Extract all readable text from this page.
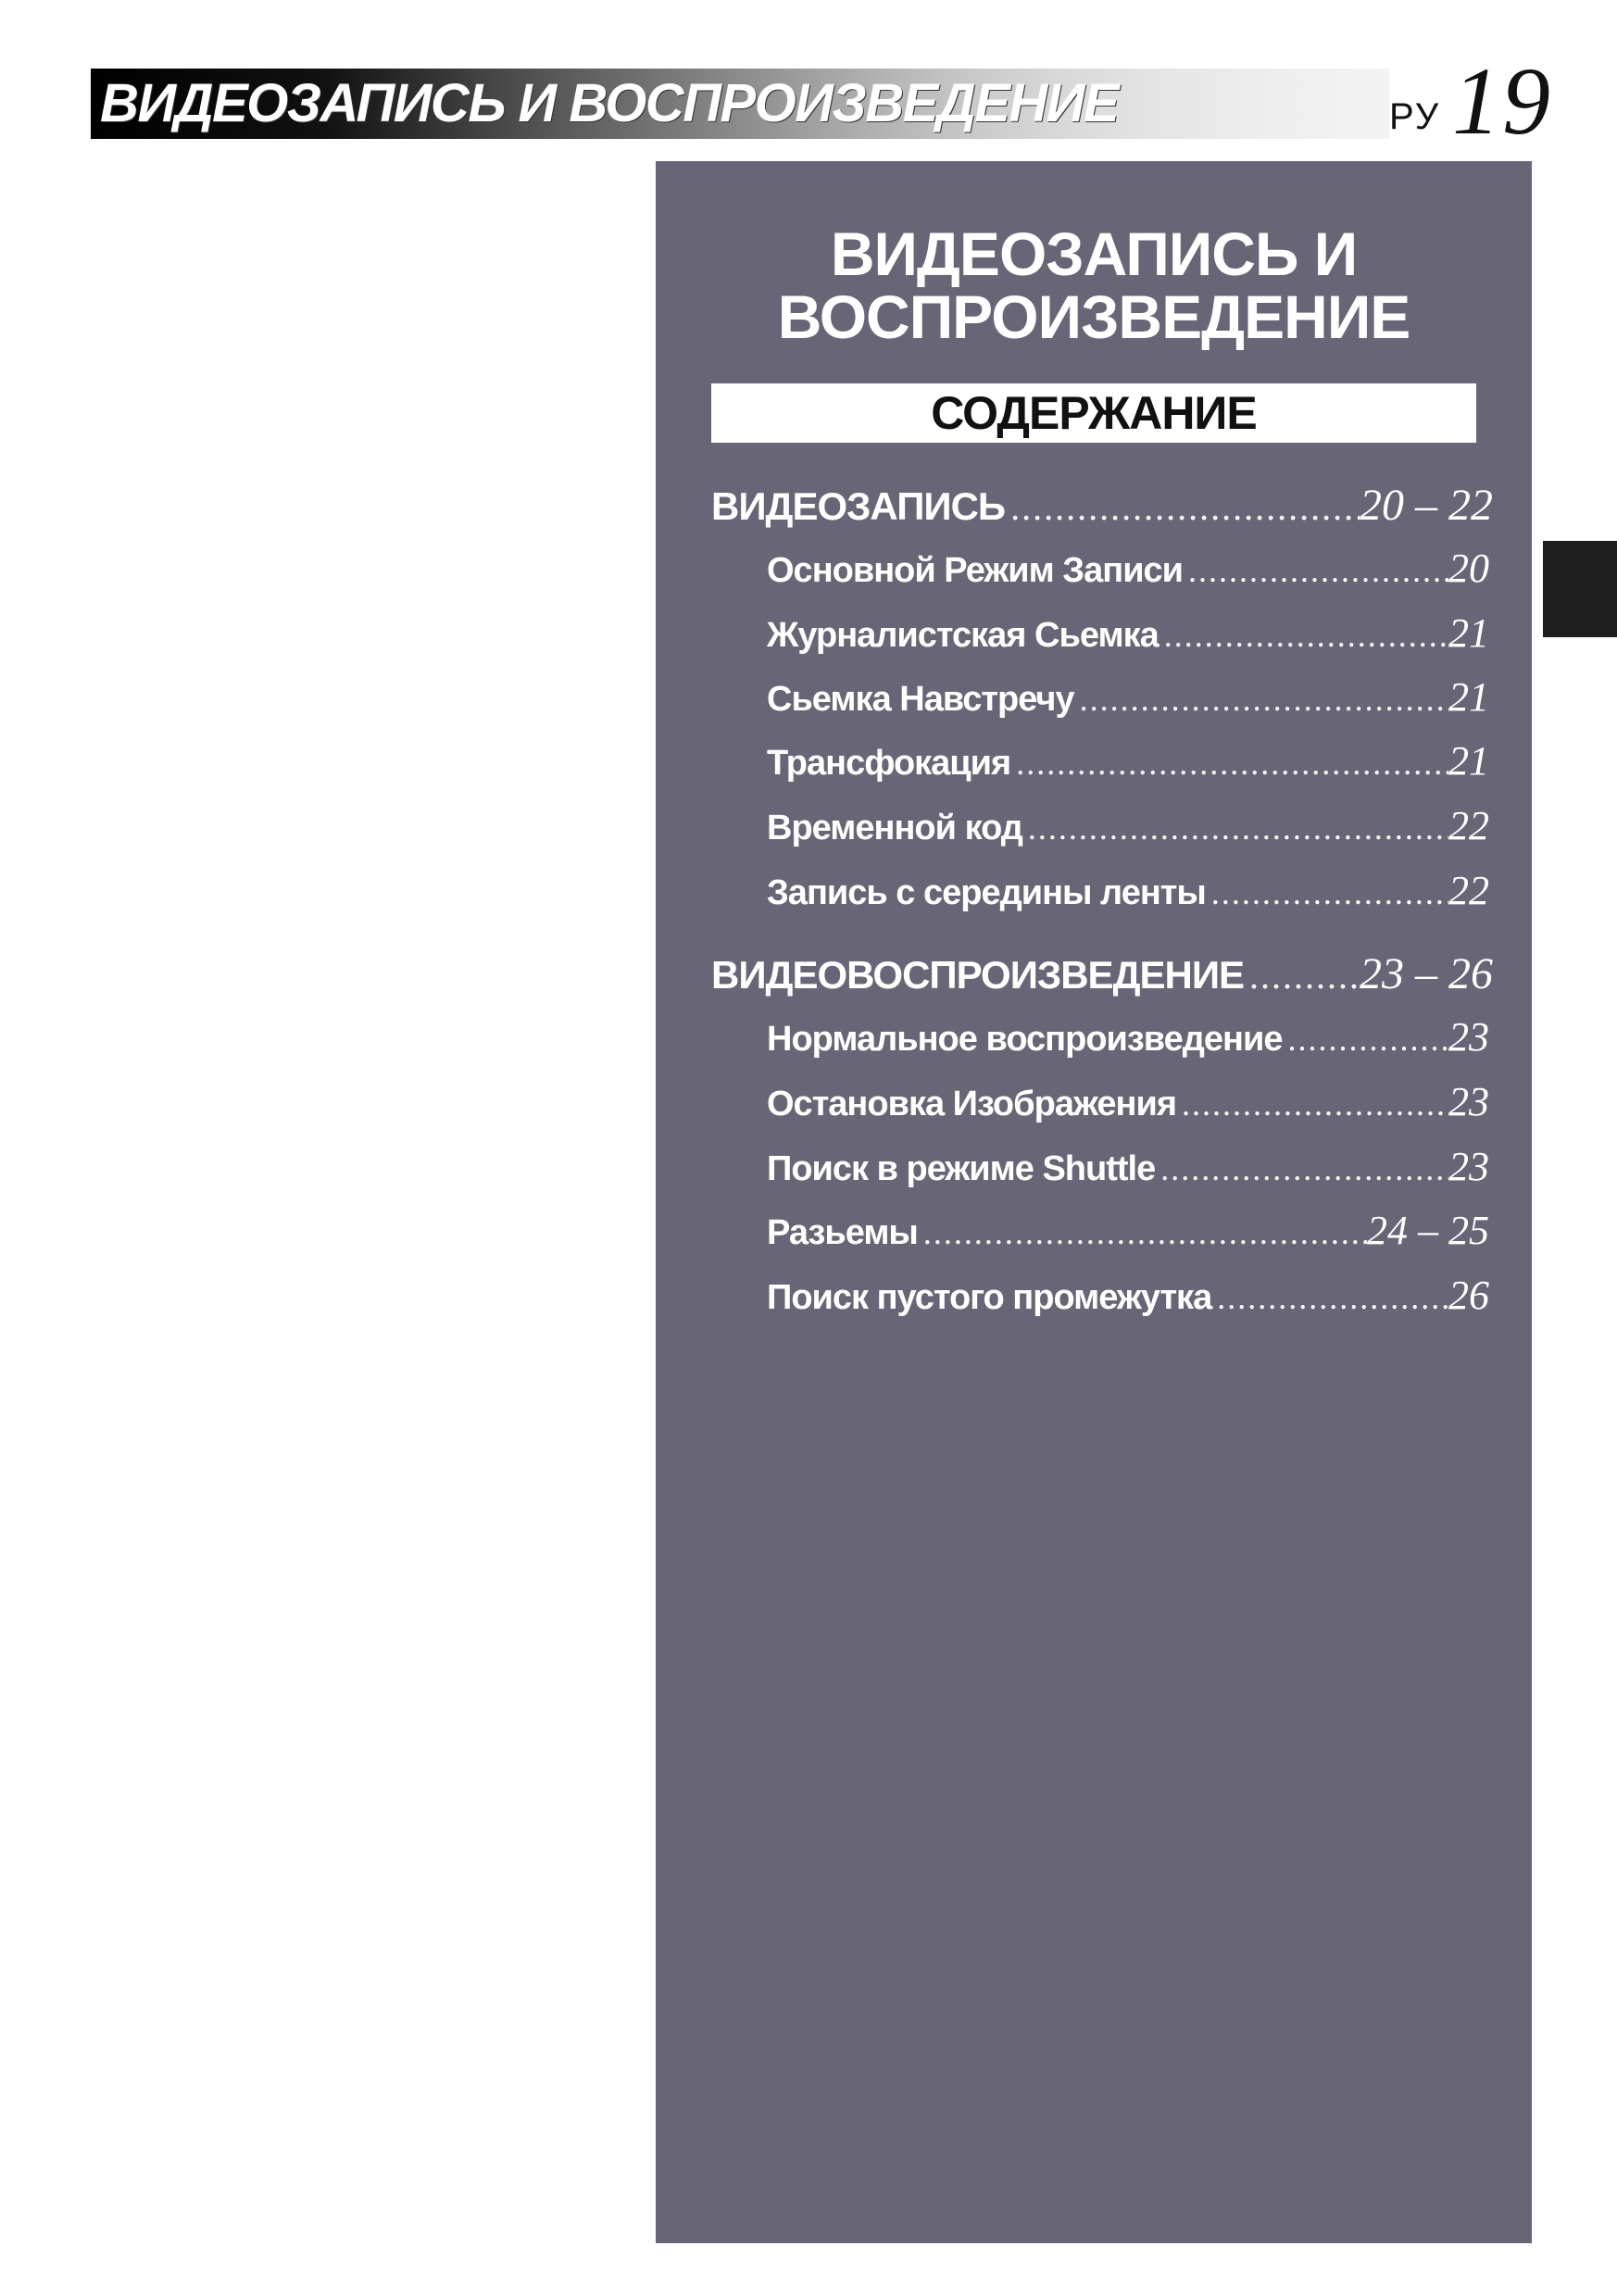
ВИДЕОЗАПИСЬ И ВОСПРОИЗВЕДЕНИЕ	РУ 19
ВИДЕОЗАПИСЬ И
ВОСПРОИЗВЕДЕНИЕ
СОДЕРЖАНИЕ
ВИДЕОЗАПИСЬ .....	20 – 22
Основной Режим Записи .....	20
Журналистская Сьемка .....	21
Сьемка Навстречу .....	21
Трансфокация .....	21
Временной код .....	22
Запись с середины ленты .....	22
ВИДЕОВОСПРОИЗВЕДЕНИЕ .....	23 – 26
Нормальное воспроизведение .....	23
Остановка Изображения .....	23
Поиск в режиме Shuttle .....	23
Разьемы .....	24 – 25
Поиск пустого промежутка .....	26
